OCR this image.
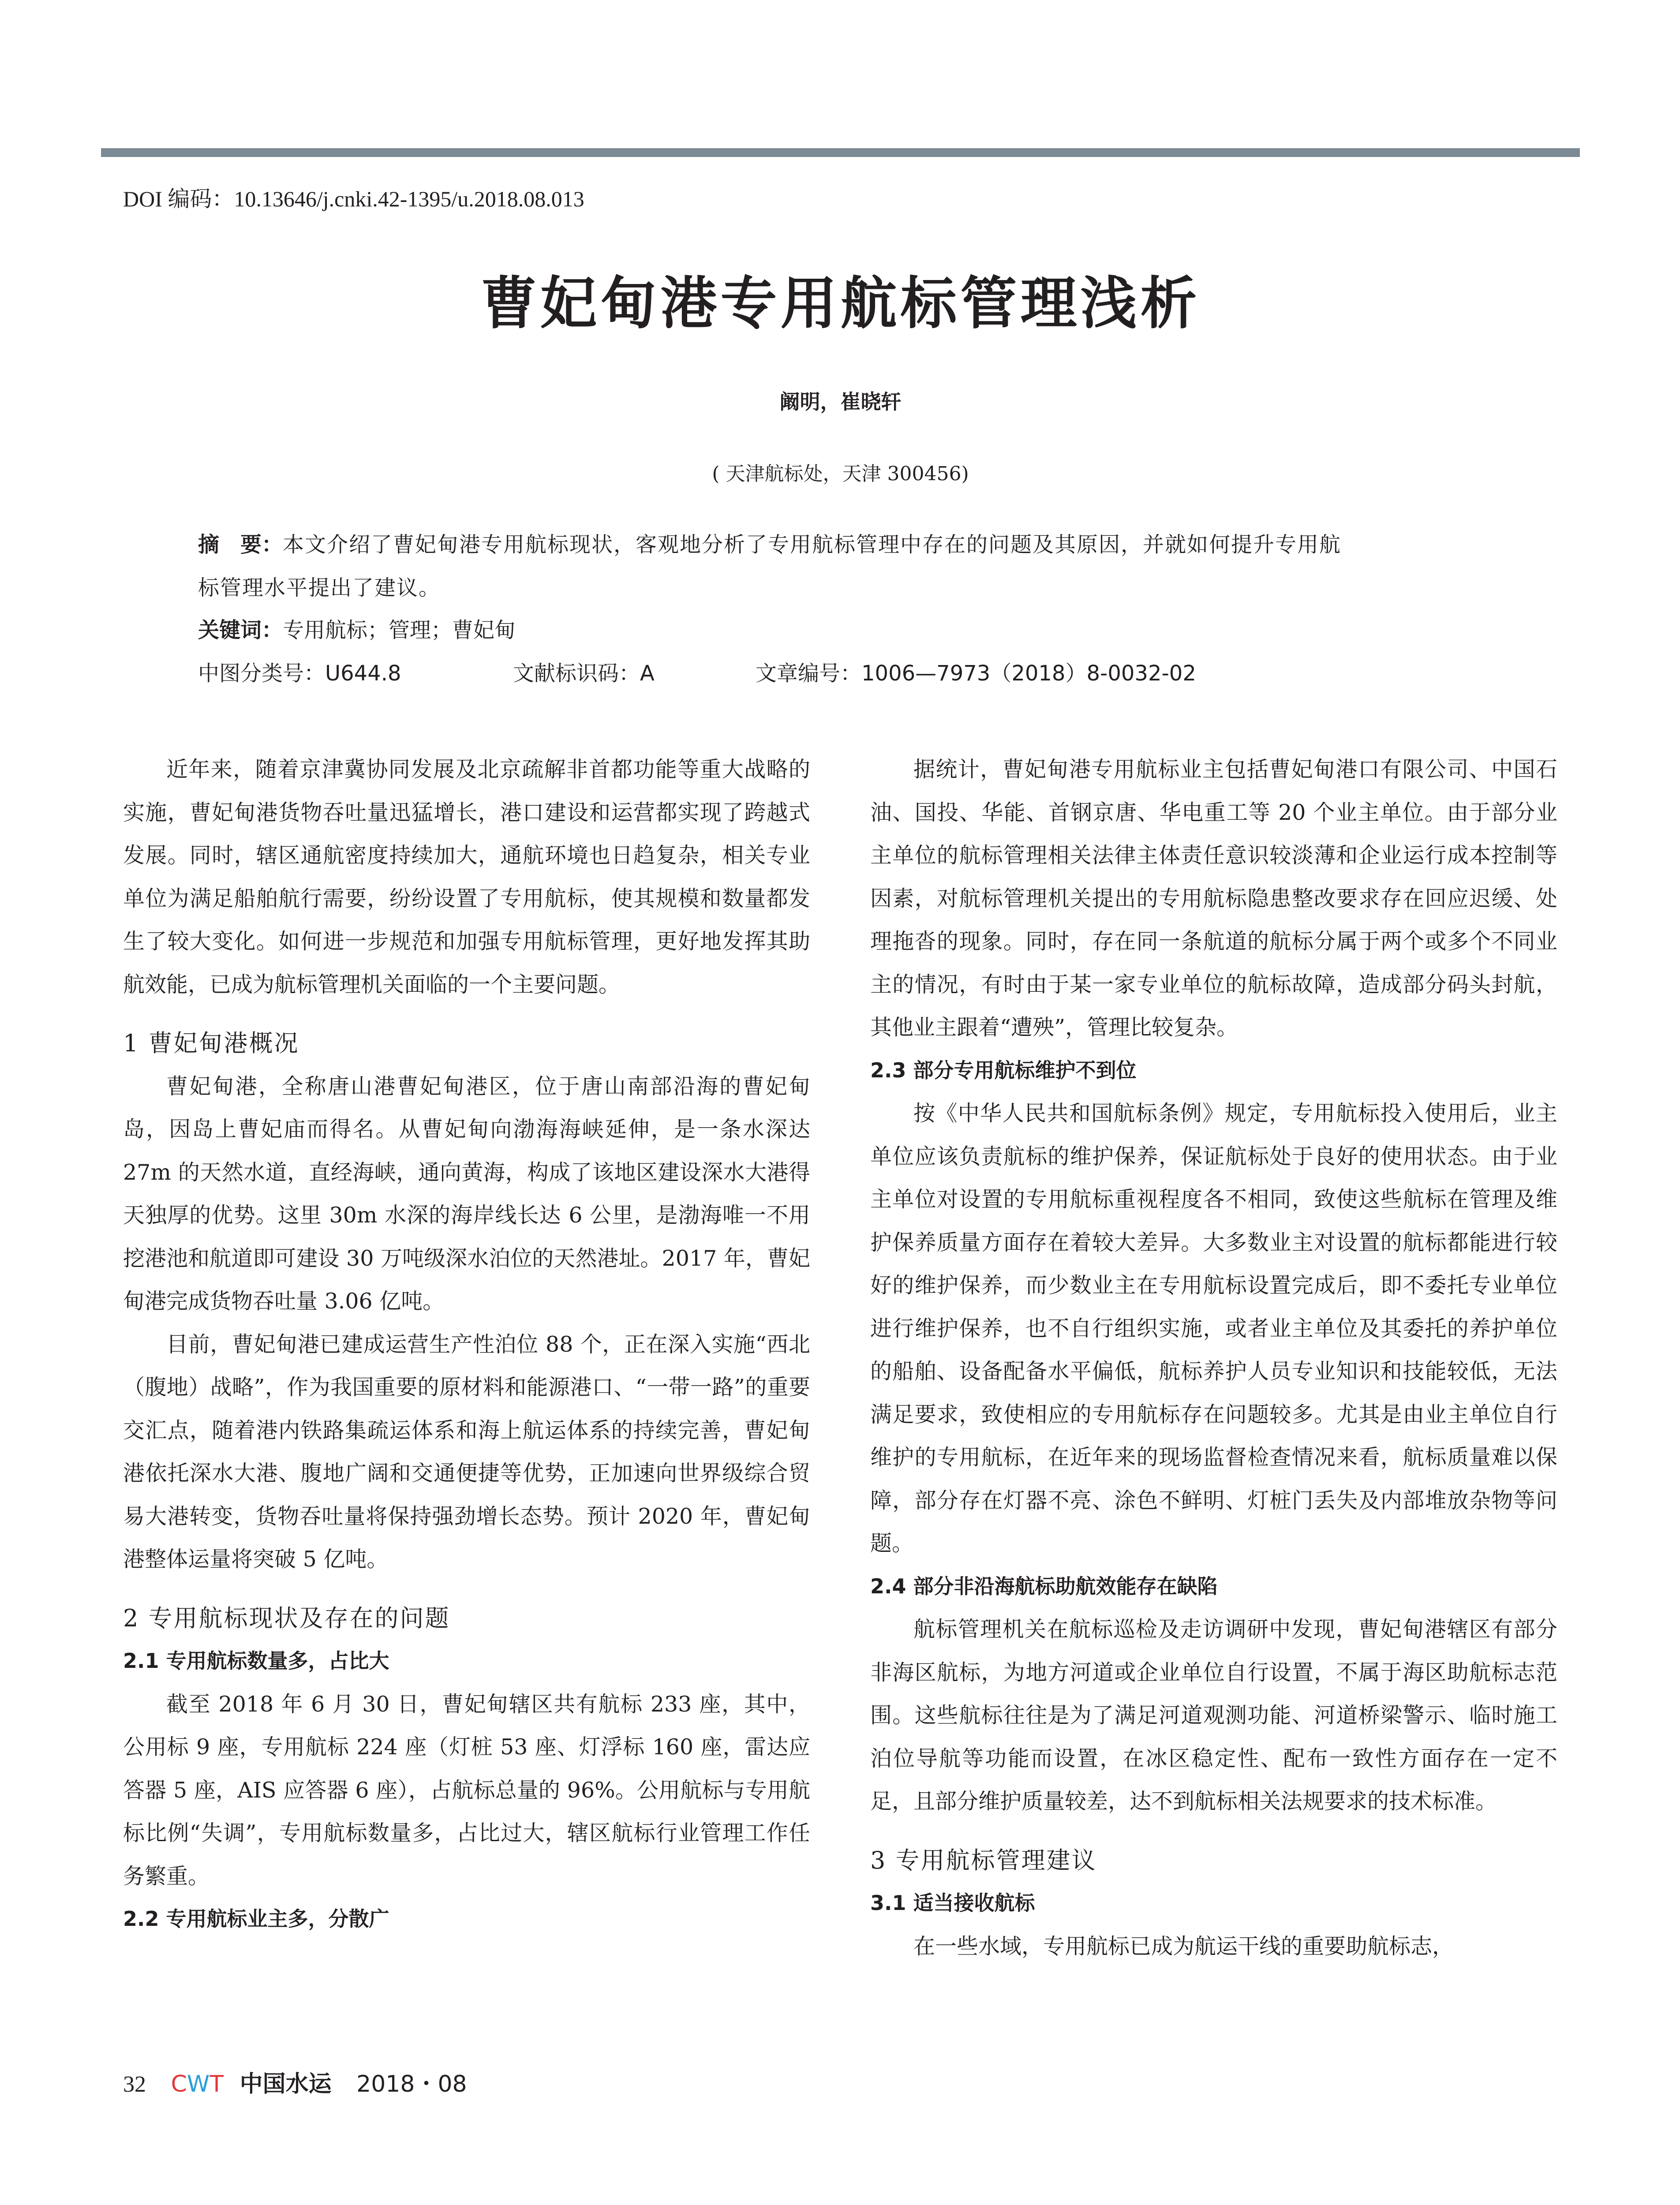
DOI 编码：10.13646/j.cnki.42-1395/u.2018.08.013
曹妃甸港专用航标管理浅析
阚明，崔晓轩
( 天津航标处，天津 300456)
摘　要：本文介绍了曹妃甸港专用航标现状，客观地分析了专用航标管理中存在的问题及其原因，并就如何提升专用航
标管理水平提出了建议。
关键词：专用航标；管理；曹妃甸
中图分类号：U644.8	文献标识码：A	文章编号：1006—7973（2018）8-0032-02

近年来，随着京津冀协同发展及北京疏解非首都功能等重大战略的实施，曹妃甸港货物吞吐量迅猛增长，港口建设和运营都实现了跨越式发展。同时，辖区通航密度持续加大，通航环境也日趋复杂，相关专业单位为满足船舶航行需要，纷纷设置了专用航标，使其规模和数量都发生了较大变化。如何进一步规范和加强专用航标管理，更好地发挥其助航效能，已成为航标管理机关面临的一个主要问题。

1 曹妃甸港概况

曹妃甸港，全称唐山港曹妃甸港区，位于唐山南部沿海的曹妃甸岛，因岛上曹妃庙而得名。从曹妃甸向渤海海峡延伸，是一条水深达 27m 的天然水道，直经海峡，通向黄海，构成了该地区建设深水大港得天独厚的优势。这里 30m 水深的海岸线长达 6 公里，是渤海唯一不用挖港池和航道即可建设 30 万吨级深水泊位的天然港址。2017 年，曹妃甸港完成货物吞吐量 3.06 亿吨。

目前，曹妃甸港已建成运营生产性泊位 88 个，正在深入实施“西北（腹地）战略”，作为我国重要的原材料和能源港口、“一带一路”的重要交汇点，随着港内铁路集疏运体系和海上航运体系的持续完善，曹妃甸港依托深水大港、腹地广阔和交通便捷等优势，正加速向世界级综合贸易大港转变，货物吞吐量将保持强劲增长态势。预计 2020 年，曹妃甸港整体运量将突破 5 亿吨。

2 专用航标现状及存在的问题
2.1 专用航标数量多，占比大

截至 2018 年 6 月 30 日，曹妃甸辖区共有航标 233 座，其中，公用标 9 座，专用航标 224 座（灯桩 53 座、灯浮标 160 座，雷达应答器 5 座，AIS 应答器 6 座），占航标总量的 96%。公用航标与专用航标比例“失调”，专用航标数量多，占比过大，辖区航标行业管理工作任务繁重。

2.2 专用航标业主多，分散广

据统计，曹妃甸港专用航标业主包括曹妃甸港口有限公司、中国石油、国投、华能、首钢京唐、华电重工等 20 个业主单位。由于部分业主单位的航标管理相关法律主体责任意识较淡薄和企业运行成本控制等因素，对航标管理机关提出的专用航标隐患整改要求存在回应迟缓、处理拖沓的现象。同时，存在同一条航道的航标分属于两个或多个不同业主的情况，有时由于某一家专业单位的航标故障，造成部分码头封航，其他业主跟着“遭殃”，管理比较复杂。

2.3 部分专用航标维护不到位

按《中华人民共和国航标条例》规定，专用航标投入使用后，业主单位应该负责航标的维护保养，保证航标处于良好的使用状态。由于业主单位对设置的专用航标重视程度各不相同，致使这些航标在管理及维护保养质量方面存在着较大差异。大多数业主对设置的航标都能进行较好的维护保养，而少数业主在专用航标设置完成后，即不委托专业单位进行维护保养，也不自行组织实施，或者业主单位及其委托的养护单位的船舶、设备配备水平偏低，航标养护人员专业知识和技能较低，无法满足要求，致使相应的专用航标存在问题较多。尤其是由业主单位自行维护的专用航标，在近年来的现场监督检查情况来看，航标质量难以保障，部分存在灯器不亮、涂色不鲜明、灯桩门丢失及内部堆放杂物等问题。

2.4 部分非沿海航标助航效能存在缺陷

航标管理机关在航标巡检及走访调研中发现，曹妃甸港辖区有部分非海区航标，为地方河道或企业单位自行设置，不属于海区助航标志范围。这些航标往往是为了满足河道观测功能、河道桥梁警示、临时施工泊位导航等功能而设置，在冰区稳定性、配布一致性方面存在一定不足，且部分维护质量较差，达不到航标相关法规要求的技术标准。

3 专用航标管理建议
3.1 适当接收航标

在一些水域，专用航标已成为航运干线的重要助航标志，

32 CWT 中国水运 2018・08
